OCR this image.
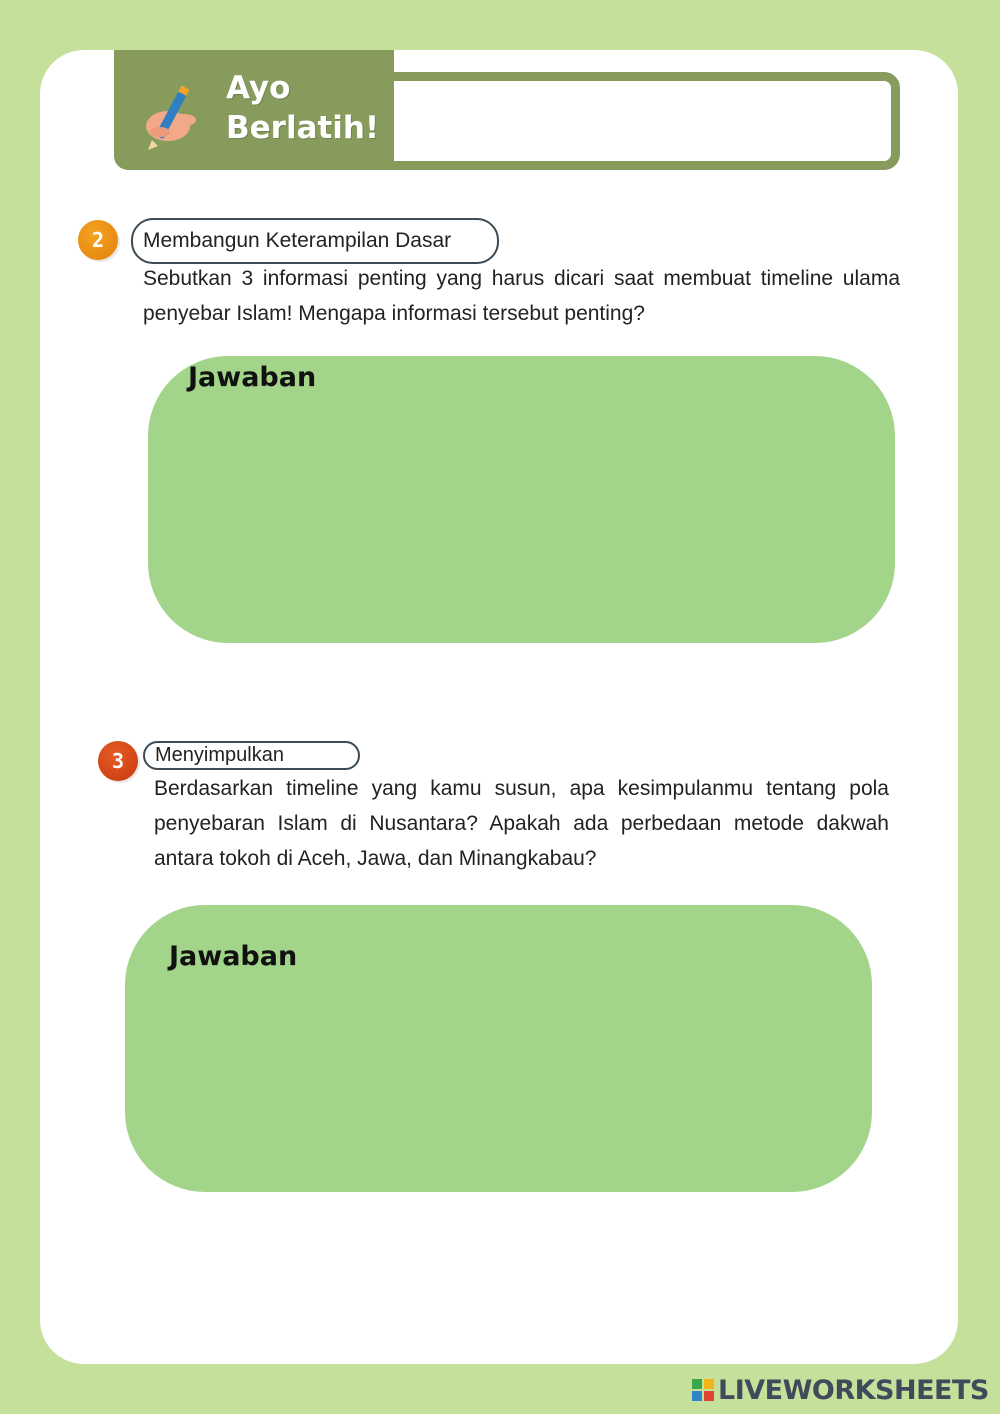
Ayo
Berlatih!

2	Membangun Keterampilan Dasar

Sebutkan 3 informasi penting yang harus dicari saat membuat timeline ulama penyebar Islam! Mengapa informasi tersebut penting?

Jawaban

3	Menyimpulkan

Berdasarkan timeline yang kamu susun, apa kesimpulanmu tentang pola penyebaran Islam di Nusantara? Apakah ada perbedaan metode dakwah antara tokoh di Aceh, Jawa, dan Minangkabau?

Jawaban

LIVEWORKSHEETS
